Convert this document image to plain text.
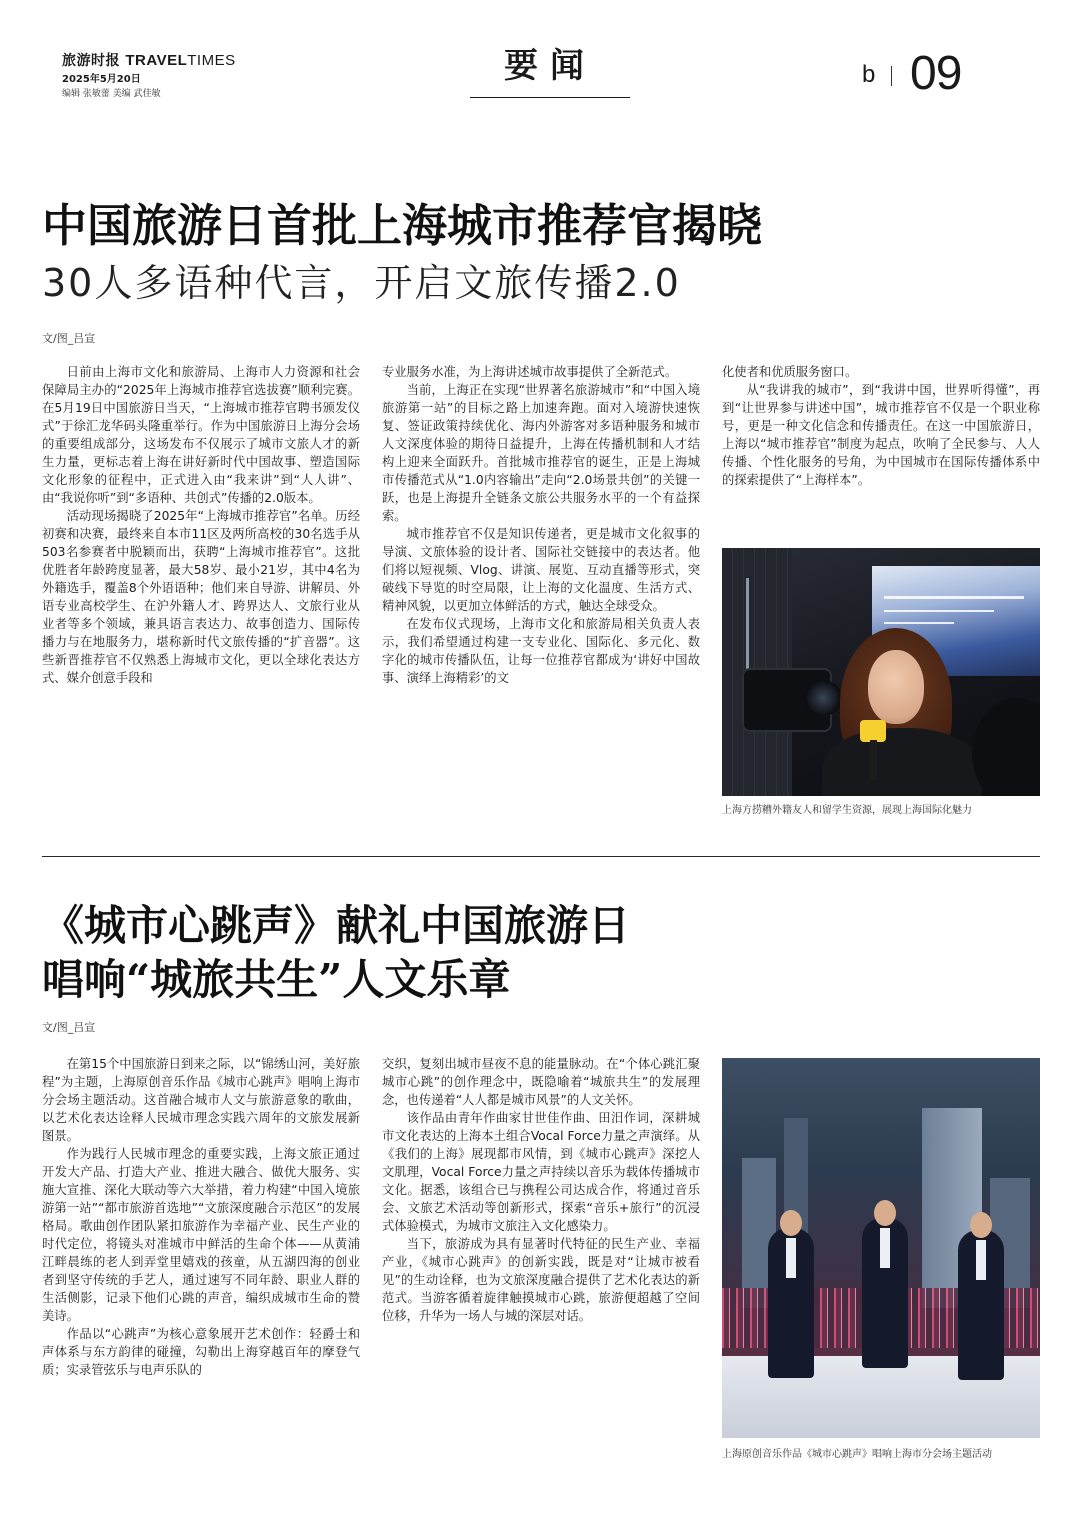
旅游时报 TRAVELTIMES
2025年5月20日
编辑 张敏蕾 美编 武佳敏
要闻	b 09
中国旅游日首批上海城市推荐官揭晓
30人多语种代言，开启文旅传播2.0
文/图_吕宣

日前由上海市文化和旅游局、上海市人力资源和社会保障局主办的“2025年上海城市推荐官选拔赛”顺利完赛。在5月19日中国旅游日当天，“上海城市推荐官聘书颁发仪式”于徐汇龙华码头隆重举行。作为中国旅游日上海分会场的重要组成部分，这场发布不仅展示了城市文旅人才的新生力量，更标志着上海在讲好新时代中国故事、塑造国际文化形象的征程中，正式进入由“我来讲”到“人人讲”、由“我说你听”到“多语种、共创式”传播的2.0版本。

活动现场揭晓了2025年“上海城市推荐官”名单。历经初赛和决赛，最终来自本市11区及两所高校的30名选手从503名参赛者中脱颖而出，获聘“上海城市推荐官”。这批优胜者年龄跨度显著，最大58岁、最小21岁，其中4名为外籍选手，覆盖8个外语语种；他们来自导游、讲解员、外语专业高校学生、在沪外籍人才、跨界达人、文旅行业从业者等多个领域，兼具语言表达力、故事创造力、国际传播力与在地服务力，堪称新时代文旅传播的“扩音器”。这些新晋推荐官不仅熟悉上海城市文化，更以全球化表达方式、媒介创意手段和

专业服务水准，为上海讲述城市故事提供了全新范式。

当前，上海正在实现“世界著名旅游城市”和“中国入境旅游第一站”的目标之路上加速奔跑。面对入境游快速恢复、签证政策持续优化、海内外游客对多语种服务和城市人文深度体验的期待日益提升，上海在传播机制和人才结构上迎来全面跃升。首批城市推荐官的诞生，正是上海城市传播范式从“1.0内容输出”走向“2.0场景共创”的关键一跃，也是上海提升全链条文旅公共服务水平的一个有益探索。

城市推荐官不仅是知识传递者，更是城市文化叙事的导演、文旅体验的设计者、国际社交链接中的表达者。他们将以短视频、Vlog、讲演、展览、互动直播等形式，突破线下导览的时空局限，让上海的文化温度、生活方式、精神风貌，以更加立体鲜活的方式，触达全球受众。

在发布仪式现场，上海市文化和旅游局相关负责人表示，我们希望通过构建一支专业化、国际化、多元化、数字化的城市传播队伍，让每一位推荐官都成为‘讲好中国故事、演绎上海精彩’的文

化使者和优质服务窗口。

从“我讲我的城市”，到“我讲中国，世界听得懂”，再到“让世界参与讲述中国”，城市推荐官不仅是一个职业称号，更是一种文化信念和传播责任。在这一中国旅游日，上海以“城市推荐官”制度为起点，吹响了全民参与、人人传播、个性化服务的号角，为中国城市在国际传播体系中的探索提供了“上海样本”。

上海方捞糟外籍友人和留学生资源，展现上海国际化魅力
《城市心跳声》献礼中国旅游日
唱响“城旅共生”人文乐章
文/图_吕宣

在第15个中国旅游日到来之际，以“锦绣山河，美好旅程”为主题，上海原创音乐作品《城市心跳声》唱响上海市分会场主题活动。这首融合城市人文与旅游意象的歌曲，以艺术化表达诠释人民城市理念实践六周年的文旅发展新图景。

作为践行人民城市理念的重要实践，上海文旅正通过开发大产品、打造大产业、推进大融合、做优大服务、实施大宣推、深化大联动等六大举措，着力构建“中国入境旅游第一站”“都市旅游首选地”“文旅深度融合示范区”的发展格局。歌曲创作团队紧扣旅游作为幸福产业、民生产业的时代定位，将镜头对准城市中鲜活的生命个体——从黄浦江畔晨练的老人到弄堂里嬉戏的孩童，从五湖四海的创业者到坚守传统的手艺人，通过速写不同年龄、职业人群的生活侧影，记录下他们心跳的声音，编织成城市生命的赞美诗。

作品以“心跳声”为核心意象展开艺术创作：轻爵士和声体系与东方韵律的碰撞，勾勒出上海穿越百年的摩登气质；实录管弦乐与电声乐队的

交织，复刻出城市昼夜不息的能量脉动。在“个体心跳汇聚城市心跳”的创作理念中，既隐喻着“城旅共生”的发展理念，也传递着“人人都是城市风景”的人文关怀。

该作品由青年作曲家甘世佳作曲、田汨作词，深耕城市文化表达的上海本土组合Vocal Force力量之声演绎。从《我们的上海》展现都市风情，到《城市心跳声》深挖人文肌理，Vocal Force力量之声持续以音乐为载体传播城市文化。据悉，该组合已与携程公司达成合作，将通过音乐会、文旅艺术活动等创新形式，探索“音乐+旅行”的沉浸式体验模式，为城市文旅注入文化感染力。

当下，旅游成为具有显著时代特征的民生产业、幸福产业，《城市心跳声》的创新实践，既是对“让城市被看见”的生动诠释，也为文旅深度融合提供了艺术化表达的新范式。当游客循着旋律触摸城市心跳，旅游便超越了空间位移，升华为一场人与城的深层对话。

上海原创音乐作品《城市心跳声》唱响上海市分会场主题活动
